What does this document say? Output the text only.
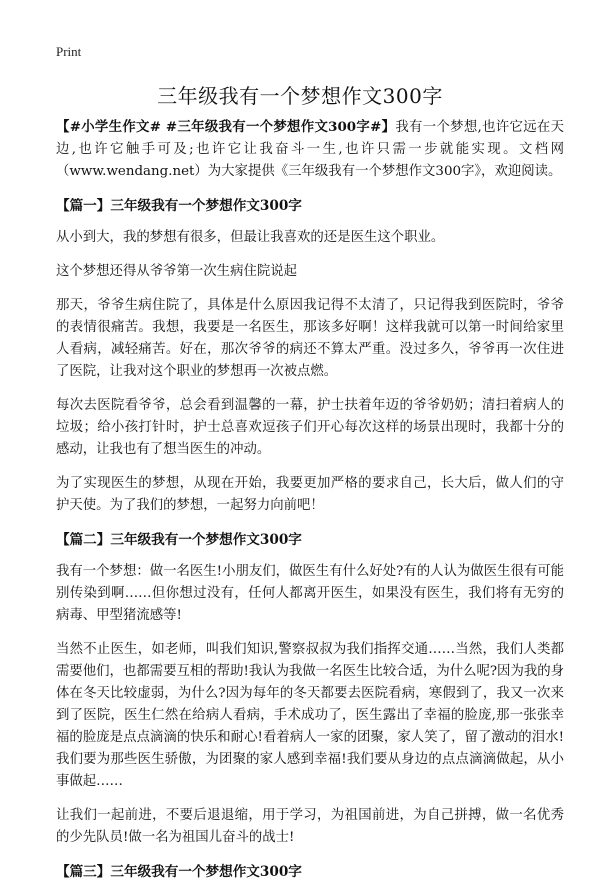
Print
三年级我有一个梦想作文300字

【#小学生作文# #三年级我有一个梦想作文300字#】我有一个梦想,也许它远在天边,也许它触手可及;也许它让我奋斗一生,也许只需一步就能实现。文档网（www.wendang.net）为大家提供《三年级我有一个梦想作文300字》，欢迎阅读。

【篇一】三年级我有一个梦想作文300字

从小到大，我的梦想有很多，但最让我喜欢的还是医生这个职业。

这个梦想还得从爷爷第一次生病住院说起

那天，爷爷生病住院了，具体是什么原因我记得不太清了，只记得我到医院时，爷爷的表情很痛苦。我想，我要是一名医生，那该多好啊！这样我就可以第一时间给家里人看病，减轻痛苦。好在，那次爷爷的病还不算太严重。没过多久，爷爷再一次住进了医院，让我对这个职业的梦想再一次被点燃。

每次去医院看爷爷，总会看到温馨的一幕，护士扶着年迈的爷爷奶奶；清扫着病人的垃圾；给小孩打针时，护士总喜欢逗孩子们开心每次这样的场景出现时，我都十分的感动，让我也有了想当医生的冲动。

为了实现医生的梦想，从现在开始，我要更加严格的要求自己，长大后，做人们的守护天使。为了我们的梦想，一起努力向前吧！

【篇二】三年级我有一个梦想作文300字

我有一个梦想：做一名医生!小朋友们，做医生有什么好处?有的人认为做医生很有可能别传染到啊……但你想过没有，任何人都离开医生，如果没有医生，我们将有无穷的病毒、甲型猪流感等!

当然不止医生，如老师，叫我们知识,警察叔叔为我们指挥交通……当然，我们人类都需要他们，也都需要互相的帮助!我认为我做一名医生比较合适，为什么呢?因为我的身体在冬天比较虚弱，为什么?因为每年的冬天都要去医院看病，寒假到了，我又一次来到了医院，医生仁然在给病人看病，手术成功了，医生露出了幸福的脸庞,那一张张幸福的脸庞是点点滴滴的快乐和耐心!看着病人一家的团聚，家人笑了，留了激动的泪水!我们要为那些医生骄傲，为团聚的家人感到幸福!我们要从身边的点点滴滴做起，从小事做起……

让我们一起前进，不要后退退缩，用于学习，为祖国前进，为自己拼搏，做一名优秀的少先队员!做一名为祖国儿奋斗的战士!

【篇三】三年级我有一个梦想作文300字
